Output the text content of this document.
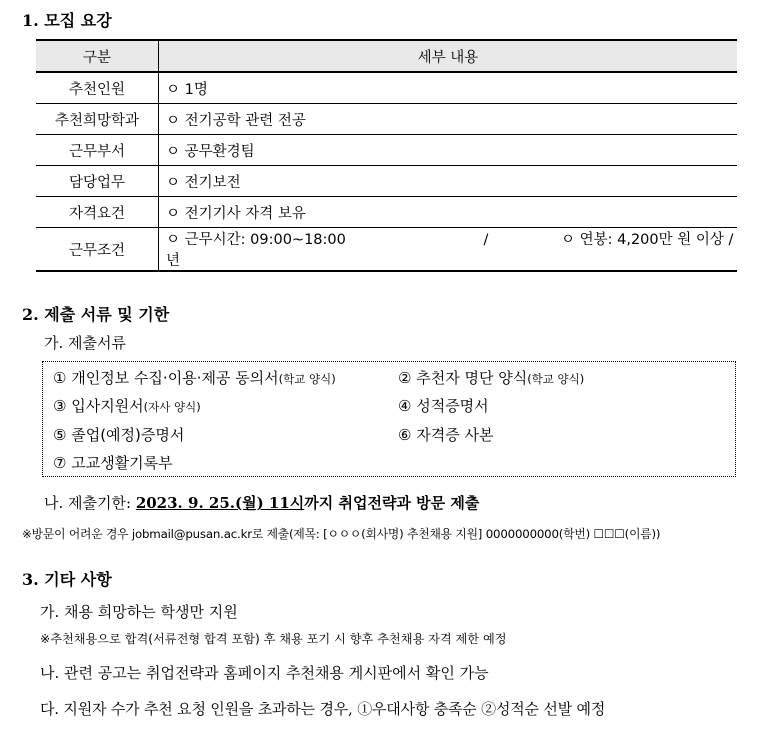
1. 모집 요강
구분	세부 내용
추천인원	ㅇ 1명
추천희망학과	ㅇ 전기공학 관련 전공
근무부서	ㅇ 공무환경팀
담당업무	ㅇ 전기보전
자격요건	ㅇ 전기기사 자격 보유
근무조건	ㅇ 근무시간: 09:00~18:00 / ㅇ 연봉: 4,200만 원 이상 / 년
2. 제출 서류 및 기한
가. 제출서류
① 개인정보 수집·이용·제공 동의서(학교 양식)	② 추천자 명단 양식(학교 양식)
③ 입사지원서(자사 양식)	④ 성적증명서
⑤ 졸업(예정)증명서	⑥ 자격증 사본
⑦ 고교생활기록부
나. 제출기한: 2023. 9. 25.(월) 11시까지 취업전략과 방문 제출
※방문이 어려운 경우 jobmail@pusan.ac.kr로 제출(제목: [ㅇㅇㅇ(회사명) 추천채용 지원] 0000000000(학번) ☐☐☐(이름))
3. 기타 사항
가. 채용 희망하는 학생만 지원
※추천채용으로 합격(서류전형 합격 포함) 후 채용 포기 시 향후 추천채용 자격 제한 예정
나. 관련 공고는 취업전략과 홈페이지 추천채용 게시판에서 확인 가능
다. 지원자 수가 추천 요청 인원을 초과하는 경우, ①우대사항 충족순 ②성적순 선발 예정
